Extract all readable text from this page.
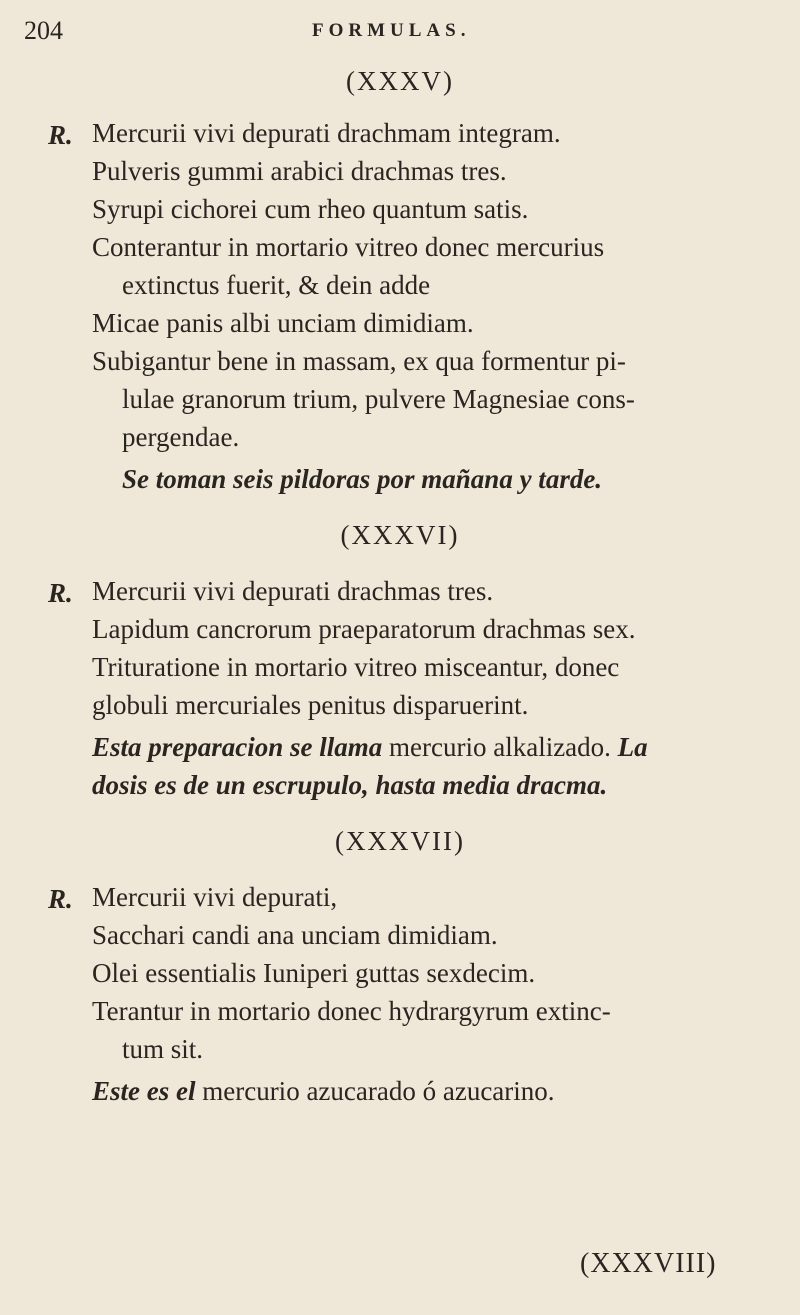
204	FORMULAS.
(XXXV)
R. Mercurii vivi depurati drachmam integram.
Pulveris gummi arabici drachmas tres.
Syrupi cichorei cum rheo quantum satis.
Conterantur in mortario vitreo donec mercurius
extinctus fuerit, & dein adde
Micae panis albi unciam dimidiam.
Subigantur bene in massam, ex qua formentur pi-
lulae granorum trium, pulvere Magnesiae cons-
pergendae.
Se toman seis pildoras por mañana y tarde.
(XXXVI)
R. Mercurii vivi depurati drachmas tres.
Lapidum cancrorum praeparatorum drachmas sex.
Trituratione in mortario vitreo misceantur, donec
globuli mercuriales penitus disparuerint.
Esta preparacion se llama mercurio alkalizado. La
dosis es de un escrupulo, hasta media dracma.
(XXXVII)
R. Mercurii vivi depurati,
Sacchari candi ana unciam dimidiam.
Olei essentialis Iuniperi guttas sexdecim.
Terantur in mortario donec hydrargyrum extinc-
tum sit.
Este es el mercurio azucarado ó azucarino.
(XXXVIII)
